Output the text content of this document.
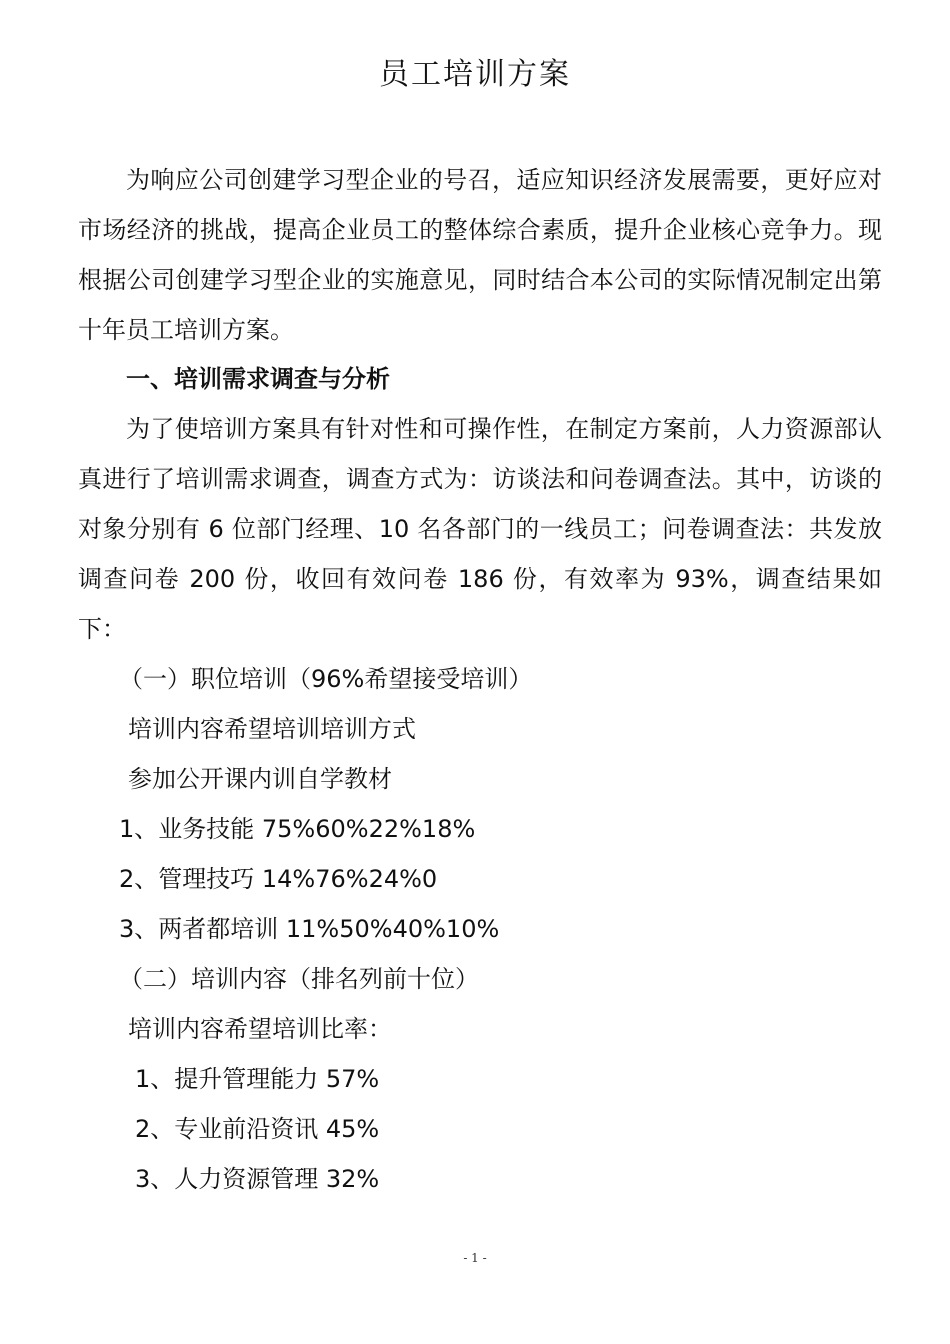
员工培训方案
为响应公司创建学习型企业的号召，适应知识经济发展需要，更好应对市场经济的挑战，提高企业员工的整体综合素质，提升企业核心竞争力。现根据公司创建学习型企业的实施意见，同时结合本公司的实际情况制定出第十年员工培训方案。
一、培训需求调查与分析
为了使培训方案具有针对性和可操作性，在制定方案前，人力资源部认真进行了培训需求调查，调查方式为：访谈法和问卷调查法。其中，访谈的对象分别有 6 位部门经理、10 名各部门的一线员工；问卷调查法：共发放调查问卷 200 份，收回有效问卷 186 份，有效率为 93%，调查结果如下：
（一）职位培训（96%希望接受培训）
培训内容希望培训培训方式
参加公开课内训自学教材
1、业务技能 75%60%22%18%
2、管理技巧 14%76%24%0
3、两者都培训 11%50%40%10%
（二）培训内容（排名列前十位）
培训内容希望培训比率：
1、提升管理能力 57%
2、专业前沿资讯 45%
3、人力资源管理 32%
- 1 -
